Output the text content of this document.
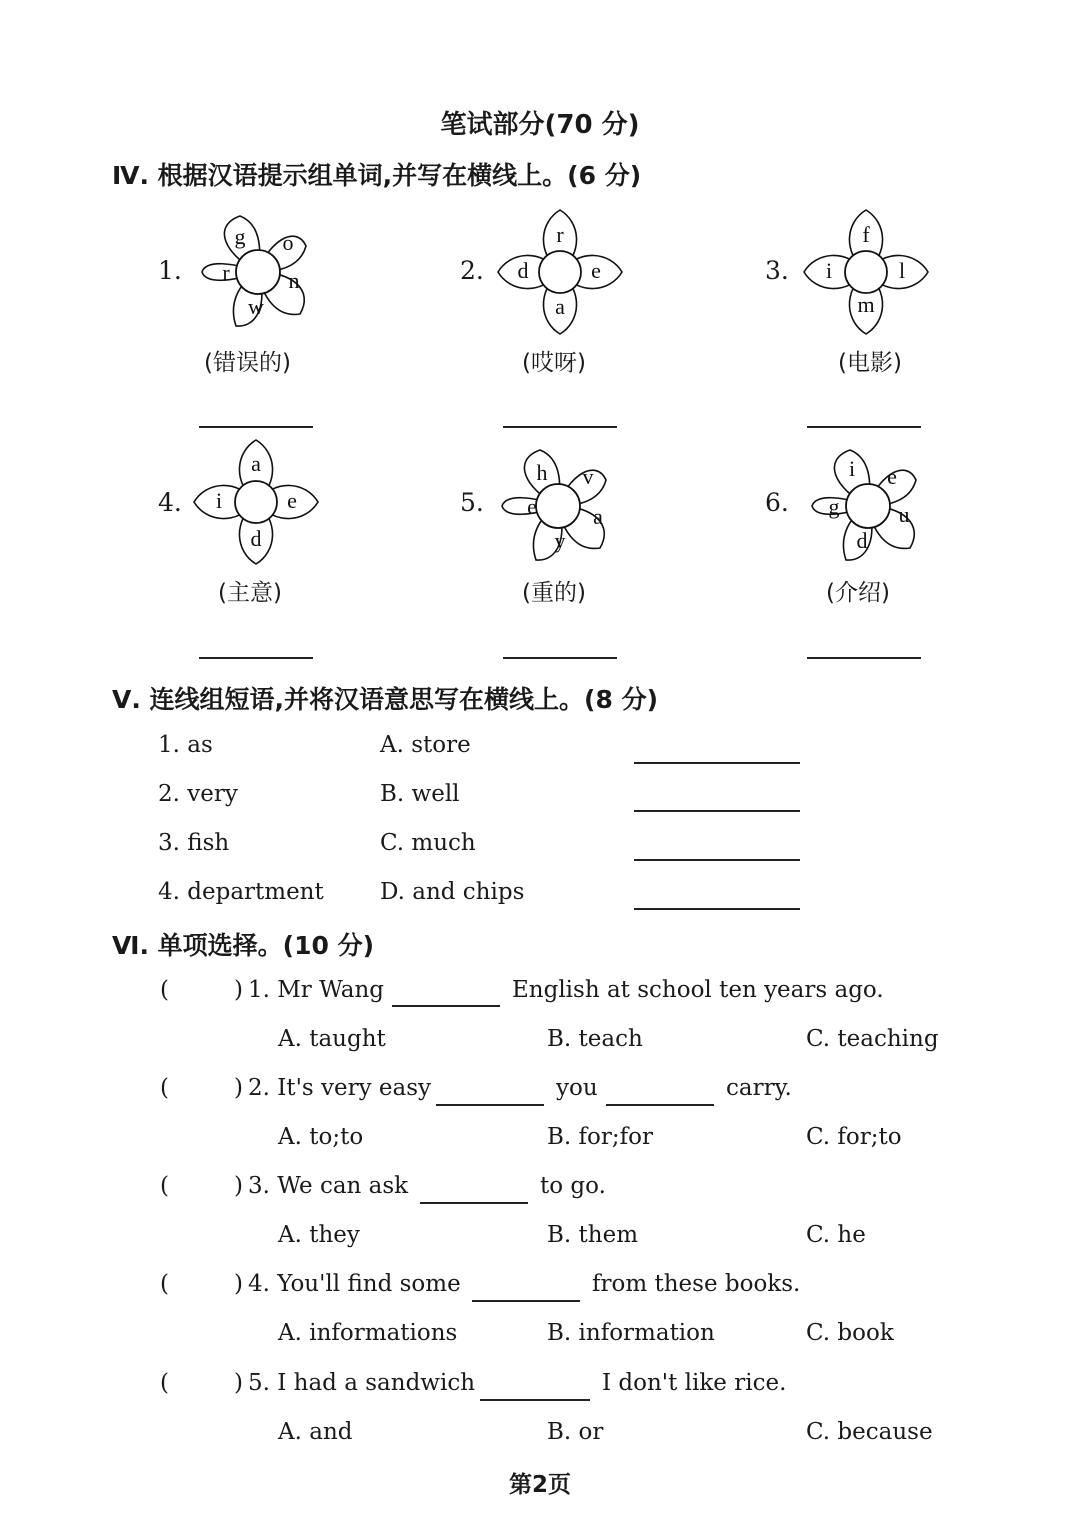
笔试部分(70 分)
Ⅳ. 根据汉语提示组单词,并写在横线上。(6 分)
1.
g o
n
w
r
(错误的)
2.
r
e
a
d
(哎呀)
3.
f
l
m
i
(电影)
4.
a
e
d
i
(主意)
5.
h v
a
y
e
(重的)
6.
i e
u
d
g
(介绍)
Ⅴ. 连线组短语,并将汉语意思写在横线上。(8 分)
1. as	A. store
2. very	B. well
3. fish	C. much
4. department D. and chips
Ⅵ. 单项选择。(10 分)
(	) 1. Mr Wang	English at school ten years ago.
A. taught	B. teach	C. teaching
(	) 2. It's very easy	you	carry.
A. to;to	B. for;for	C. for;to
(	) 3. We can ask	to go.
A. they	B. them	C. he
(	) 4. You'll find some	from these books.
A. informations	B. information	C. book
(	) 5. I had a sandwich	I don't like rice.
A. and	B. or	C. because
第2页
